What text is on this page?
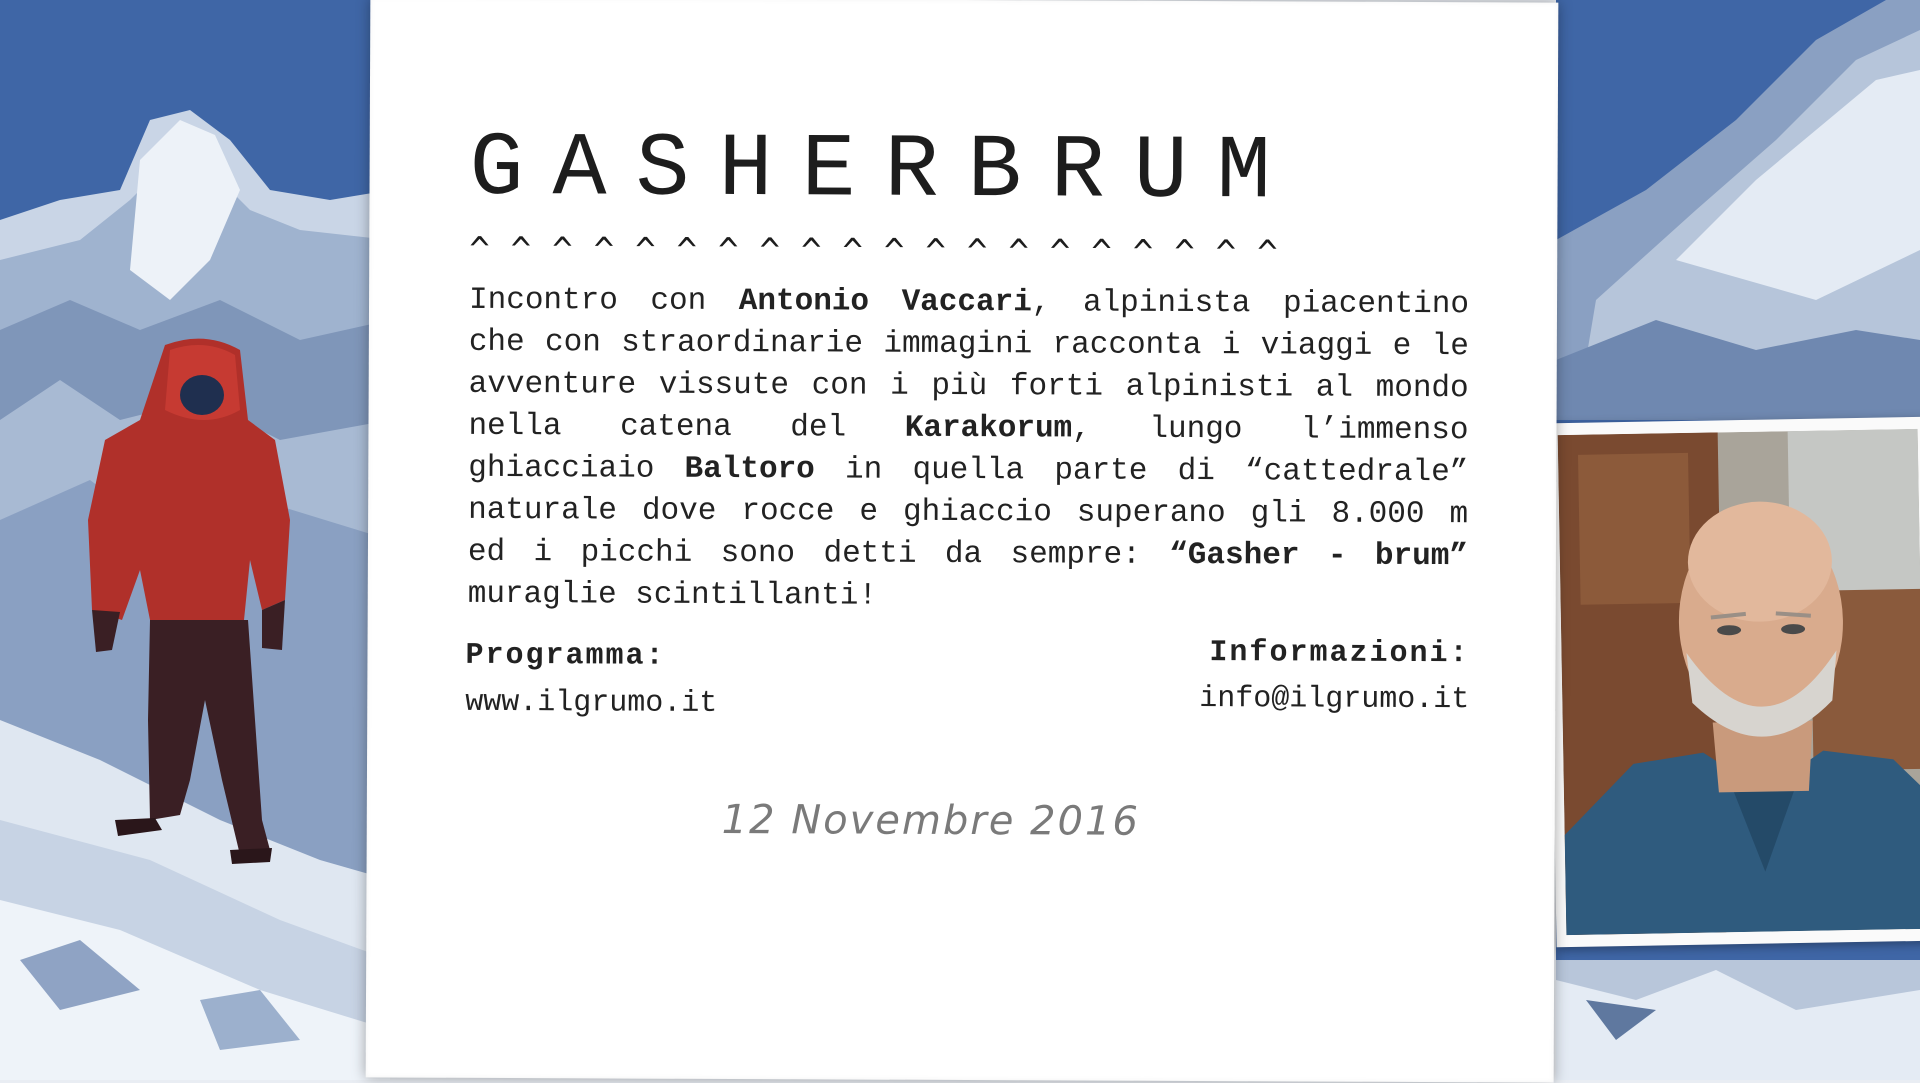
GASHERBRUM
^^^^^^^^^^^^^^^^^^^^

Incontro con Antonio Vaccari, alpinista piacentino che con straordinarie immagini racconta i viaggi e le avventure vissute con i più forti alpinisti al mondo nella catena del Karakorum, lungo l’immenso ghiacciaio Baltoro in quella parte di “cattedrale” naturale dove rocce e ghiaccio superano gli 8.000 m ed i picchi sono detti da sempre: “Gasher - brum” muraglie scintillanti!

Programma:
www.ilgrumo.it
Informazioni:
info@ilgrumo.it
12 Novembre 2016
